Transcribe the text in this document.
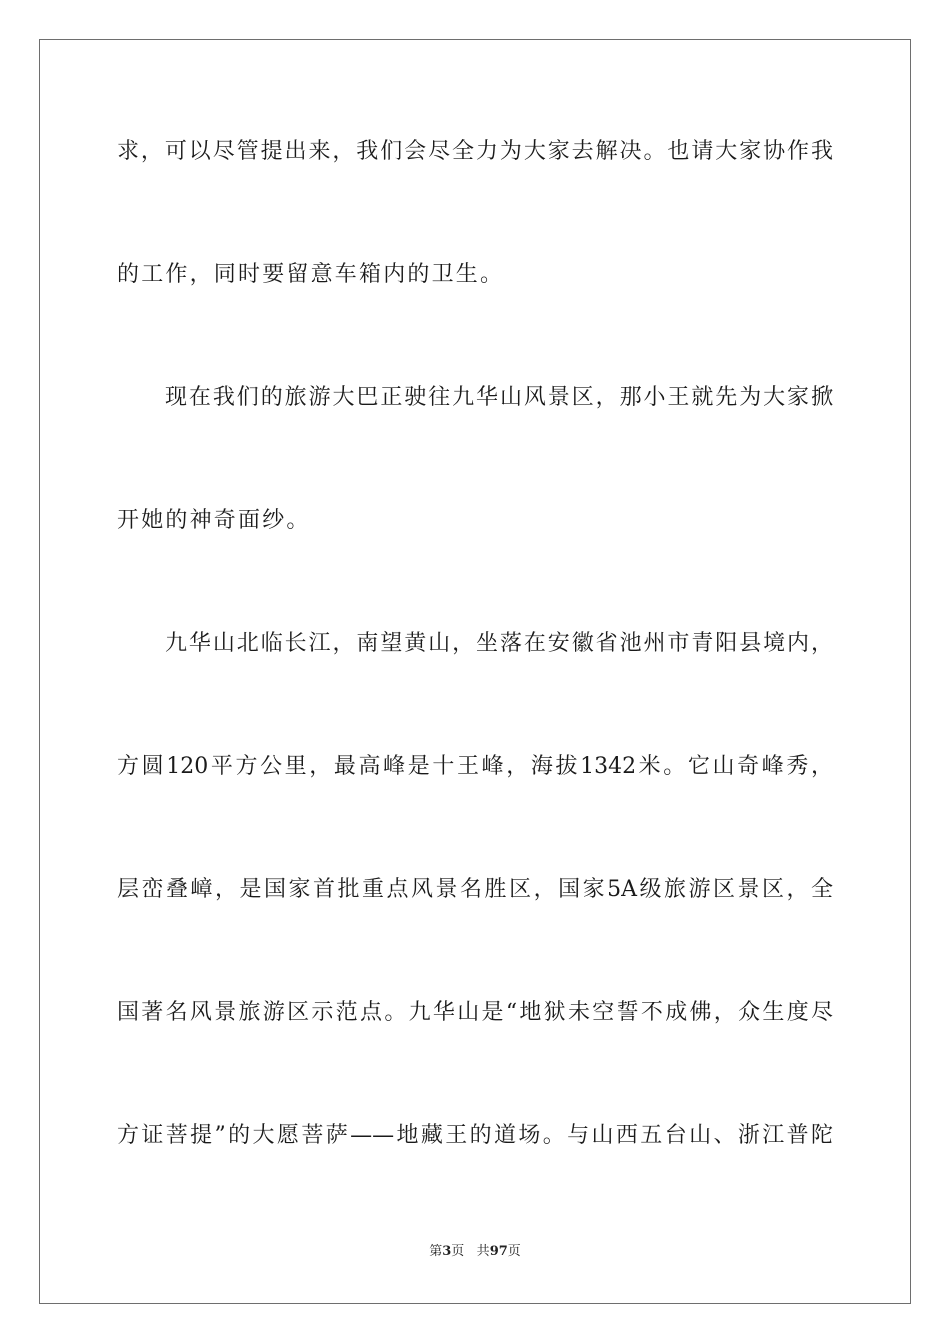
求，可以尽管提出来，我们会尽全力为大家去解决。也请大家协作我
的工作，同时要留意车箱内的卫生。
现在我们的旅游大巴正驶往九华山风景区，那小王就先为大家掀
开她的神奇面纱。
九华山北临长江，南望黄山，坐落在安徽省池州市青阳县境内，
方圆120平方公里，最高峰是十王峰，海拔1342米。它山奇峰秀，
层峦叠嶂，是国家首批重点风景名胜区，国家5A级旅游区景区，全
国著名风景旅游区示范点。九华山是“地狱未空誓不成佛，众生度尽
方证菩提”的大愿菩萨——地藏王的道场。与山西五台山、浙江普陀
第3页 共97页
